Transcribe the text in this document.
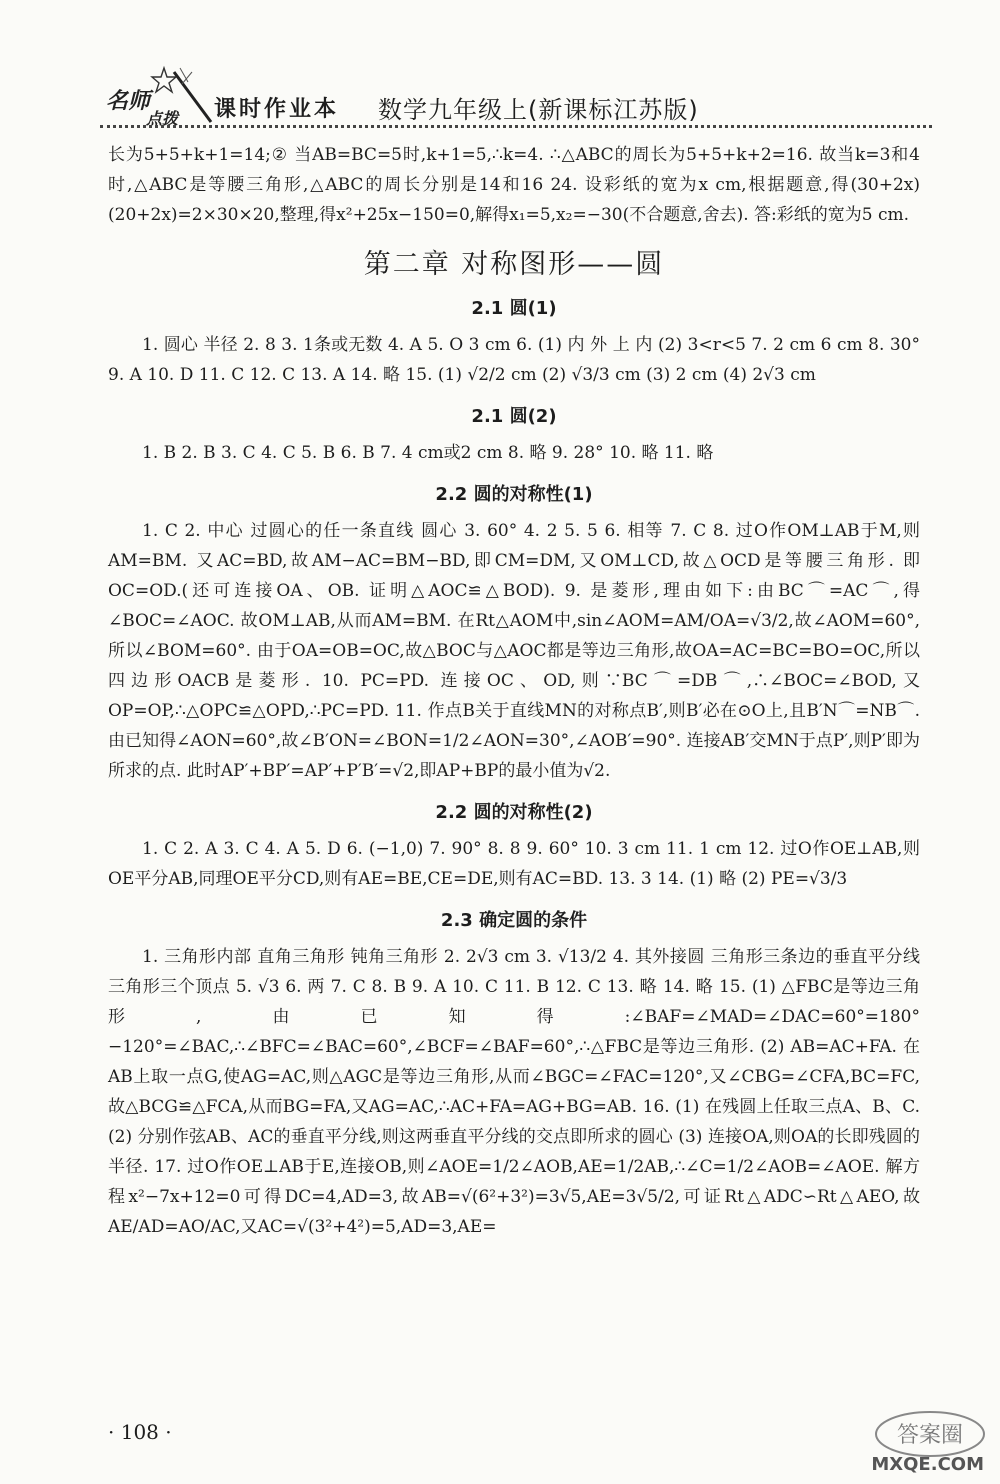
名师
点拨 课时作业本 数学九年级上(新课标江苏版)

长为5+5+k+1=14;② 当AB=BC=5时,k+1=5,∴k=4. ∴△ABC的周长为5+5+k+2=16. 故当k=3和4时,△ABC是等腰三角形,△ABC的周长分别是14和16 24. 设彩纸的宽为x cm,根据题意,得(30+2x)(20+2x)=2×30×20,整理,得x²+25x−150=0,解得x₁=5,x₂=−30(不合题意,舍去). 答:彩纸的宽为5 cm.

第二章 对称图形——圆
2.1 圆(1)

1. 圆心 半径 2. 8 3. 1条或无数 4. A 5. O 3 cm 6. (1) 内 外 上 内 (2) 3<r<5 7. 2 cm 6 cm 8. 30° 9. A 10. D 11. C 12. C 13. A 14. 略 15. (1) √2/2 cm (2) √3/3 cm (3) 2 cm (4) 2√3 cm

2.1 圆(2)

1. B 2. B 3. C 4. C 5. B 6. B 7. 4 cm或2 cm 8. 略 9. 28° 10. 略 11. 略

2.2 圆的对称性(1)

1. C 2. 中心 过圆心的任一条直线 圆心 3. 60° 4. 2 5. 5 6. 相等 7. C 8. 过O作OM⊥AB于M,则AM=BM. 又AC=BD,故AM−AC=BM−BD,即CM=DM,又OM⊥CD,故△OCD是等腰三角形. 即OC=OD.(还可连接OA、OB. 证明△AOC≌△BOD). 9. 是菱形,理由如下:由BC⌒=AC⌒,得∠BOC=∠AOC. 故OM⊥AB,从而AM=BM. 在Rt△AOM中,sin∠AOM=AM/OA=√3/2,故∠AOM=60°,所以∠BOM=60°. 由于OA=OB=OC,故△BOC与△AOC都是等边三角形,故OA=AC=BC=BO=OC,所以四边形OACB是菱形. 10. PC=PD. 连接OC、OD,则∵BC⌒=DB⌒,∴∠BOC=∠BOD,又OP=OP,∴△OPC≌△OPD,∴PC=PD. 11. 作点B关于直线MN的对称点B′,则B′必在⊙O上,且B′N⌒=NB⌒. 由已知得∠AON=60°,故∠B′ON=∠BON=1/2∠AON=30°,∠AOB′=90°. 连接AB′交MN于点P′,则P′即为所求的点. 此时AP′+BP′=AP′+P′B′=√2,即AP+BP的最小值为√2.

2.2 圆的对称性(2)

1. C 2. A 3. C 4. A 5. D 6. (−1,0) 7. 90° 8. 8 9. 60° 10. 3 cm 11. 1 cm 12. 过O作OE⊥AB,则OE平分AB,同理OE平分CD,则有AE=BE,CE=DE,则有AC=BD. 13. 3 14. (1) 略 (2) PE=√3/3

2.3 确定圆的条件

1. 三角形内部 直角三角形 钝角三角形 2. 2√3 cm 3. √13/2 4. 其外接圆 三角形三条边的垂直平分线 三角形三个顶点 5. √3 6. 两 7. C 8. B 9. A 10. C 11. B 12. C 13. 略 14. 略 15. (1) △FBC是等边三角形,由已知得:∠BAF=∠MAD=∠DAC=60°=180°−120°=∠BAC,∴∠BFC=∠BAC=60°,∠BCF=∠BAF=60°,∴△FBC是等边三角形. (2) AB=AC+FA. 在AB上取一点G,使AG=AC,则△AGC是等边三角形,从而∠BGC=∠FAC=120°,又∠CBG=∠CFA,BC=FC,故△BCG≌△FCA,从而BG=FA,又AG=AC,∴AC+FA=AG+BG=AB. 16. (1) 在残圆上任取三点A、B、C. (2) 分别作弦AB、AC的垂直平分线,则这两垂直平分线的交点即所求的圆心 (3) 连接OA,则OA的长即残圆的半径. 17. 过O作OE⊥AB于E,连接OB,则∠AOE=1/2∠AOB,AE=1/2AB,∴∠C=1/2∠AOB=∠AOE. 解方程x²−7x+12=0可得DC=4,AD=3,故AB=√(6²+3²)=3√5,AE=3√5/2,可证Rt△ADC∽Rt△AEO,故AE/AD=AO/AC,又AC=√(3²+4²)=5,AD=3,AE=

· 108 ·	答案圈
MXQE.COM
